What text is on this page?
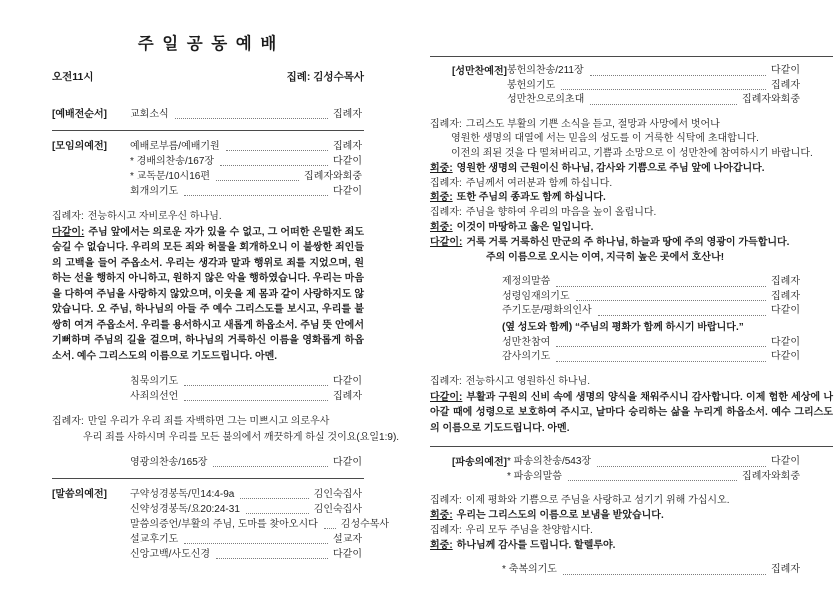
주 일 공 동 예 배
오전11시	집례: 김성수목사
[예배전순서]	교회소식	집례자
[모임의예전]	예배로부름/예배기원	집례자
* 경배의찬송/167장	다같이
* 교독문/10시16편	집례자와회중
회개의기도	다같이

집례자: 전능하시고 자비로우신 하나님.

다같이: 주님 앞에서는 의로운 자가 있을 수 없고, 그 어떠한 은밀한 죄도 숨길 수 없습니다. 우리의 모든 죄와 허물을 회개하오니 이 불쌍한 죄인들의 고백을 들어 주옵소서. 우리는 생각과 말과 행위로 죄를 지었으며, 원하는 선을 행하지 아니하고, 원하지 않은 악을 행하였습니다. 우리는 마음을 다하여 주님을 사랑하지 않았으며, 이웃을 제 몸과 같이 사랑하지도 않았습니다. 오 주님, 하나님의 아들 주 예수 그리스도를 보시고, 우리를 불쌍히 여겨 주옵소서. 우리를 용서하시고 새롭게 하옵소서. 주님 뜻 안에서 기뻐하며 주님의 길을 걸으며, 하나님의 거룩하신 이름을 영화롭게 하옵소서. 예수 그리스도의 이름으로 기도드립니다. 아멘.

침묵의기도	다같이
사죄의선언	집례자

집례자: 만일 우리가 우리 죄를 자백하면 그는 미쁘시고 의로우사

우리 죄를 사하시며 우리를 모든 불의에서 깨끗하게 하실 것이요(요일1:9).

영광의찬송/165장	다같이
[말씀의예전]	구약성경봉독/민14:4-9a	김인숙집사
신약성경봉독/요20:24-31	김인숙집사
말씀의증언/부활의 주님, 도마를 찾아오시다 김성수목사
설교후기도	설교자
신앙고백/사도신경	다같이
[성만찬예전] 봉헌의찬송/211장	다같이
봉헌의기도	집례자
성만찬으로의초대	집례자와회중

집례자: 그리스도 부활의 기쁜 소식을 듣고, 절망과 사망에서 벗어나

영원한 생명의 대열에 서는 믿음의 성도를 이 거룩한 식탁에 초대합니다.

이전의 죄된 것을 다 떨쳐버리고, 기쁨과 소망으로 이 성만찬에 참여하시기 바랍니다.

회중: 영원한 생명의 근원이신 하나님, 감사와 기쁨으로 주님 앞에 나아갑니다.

집례자: 주님께서 여러분과 함께 하십니다.

회중: 또한 주님의 종과도 함께 하십니다.

집례자: 주님을 향하여 우리의 마음을 높이 올립니다.

회중: 이것이 마땅하고 옳은 일입니다.

다같이: 거룩 거룩 거룩하신 만군의 주 하나님, 하늘과 땅에 주의 영광이 가득합니다.

주의 이름으로 오시는 이여, 지극히 높은 곳에서 호산나!

제정의말씀	집례자
성령임재의기도	집례자
주기도문/평화의인사	다같이
(옆 성도와 함께) “주님의 평화가 함께 하시기 바랍니다.”
성만찬참여	다같이
감사의기도	다같이

집례자: 전능하시고 영원하신 하나님.

다같이: 부활과 구원의 신비 속에 생명의 양식을 채워주시니 감사합니다. 이제 험한 세상에 나아갈 때에 성령으로 보호하여 주시고, 날마다 승리하는 삶을 누리게 하옵소서. 예수 그리스도의 이름으로 기도드립니다. 아멘.

[파송의예전] * 파송의찬송/543장	다같이
* 파송의말씀	집례자와회중

집례자: 이제 평화와 기쁨으로 주님을 사랑하고 섬기기 위해 가십시오.

회중: 우리는 그리스도의 이름으로 보냄을 받았습니다.

집례자: 우리 모두 주님을 찬양합시다.

회중: 하나님께 감사를 드립니다. 할렐루야.

* 축복의기도	집례자
